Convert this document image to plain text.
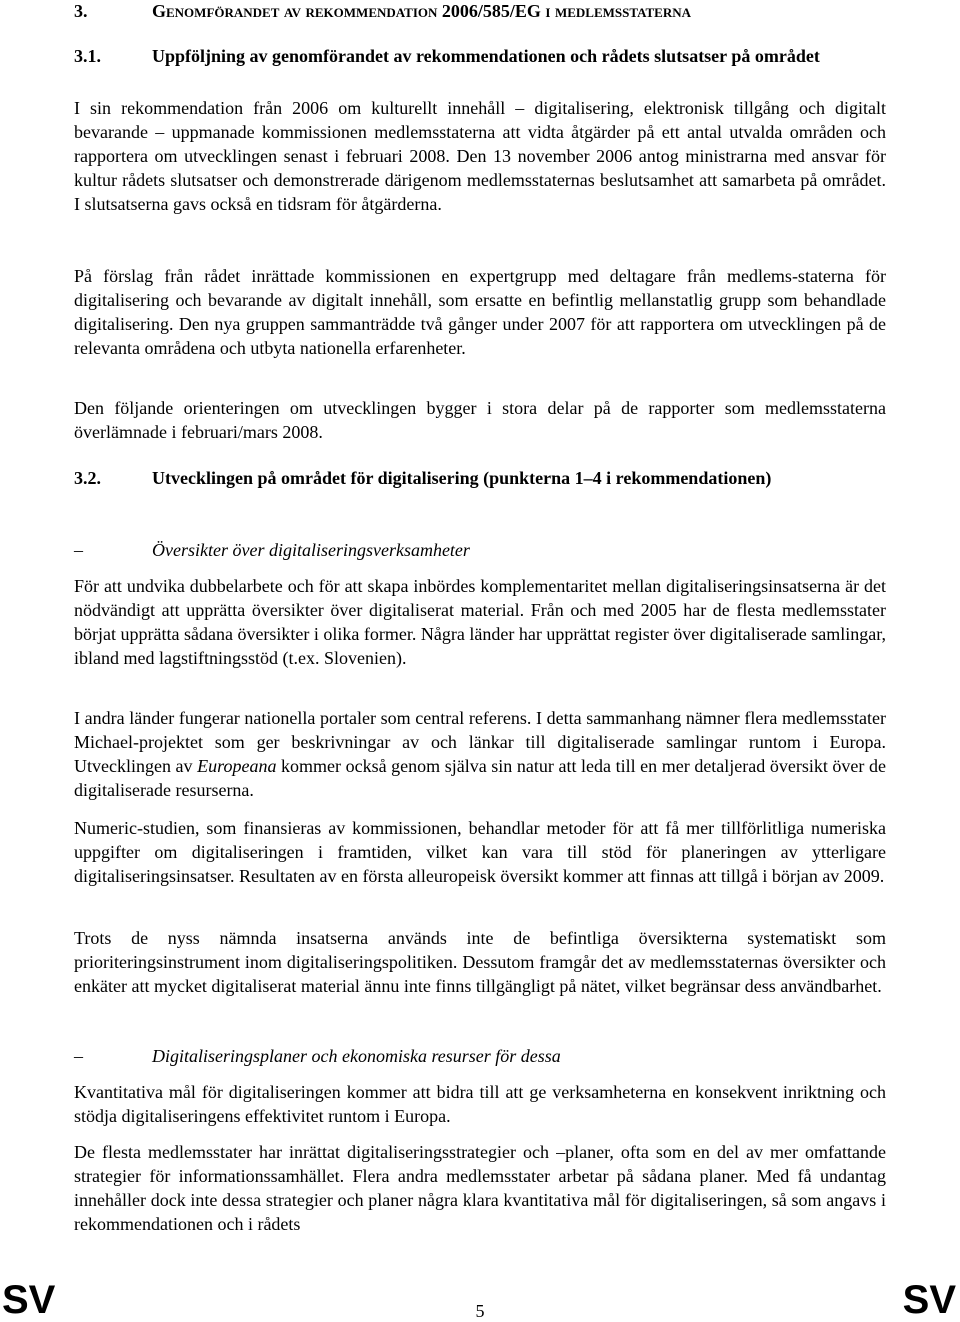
3.	Genomförandet av rekommendation 2006/585/EG i medlemsstaterna
3.1.	Uppföljning av genomförandet av rekommendationen och rådets slutsatser på området

I sin rekommendation från 2006 om kulturellt innehåll – digitalisering, elektronisk tillgång och digitalt bevarande – uppmanade kommissionen medlemsstaterna att vidta åtgärder på ett antal utvalda områden och rapportera om utvecklingen senast i februari 2008. Den 13 november 2006 antog ministrarna med ansvar för kultur rådets slutsatser och demonstrerade därigenom medlemsstaternas beslutsamhet att samarbeta på området. I slutsatserna gavs också en tidsram för åtgärderna.

På förslag från rådet inrättade kommissionen en expertgrupp med deltagare från medlems-staterna för digitalisering och bevarande av digitalt innehåll, som ersatte en befintlig mellanstatlig grupp som behandlade digitalisering. Den nya gruppen sammanträdde två gånger under 2007 för att rapportera om utvecklingen på de relevanta områdena och utbyta nationella erfarenheter.

Den följande orienteringen om utvecklingen bygger i stora delar på de rapporter som medlemsstaterna överlämnade i februari/mars 2008.

3.2.	Utvecklingen på området för digitalisering (punkterna 1–4 i rekommendationen)

–	Översikter över digitaliseringsverksamheter

För att undvika dubbelarbete och för att skapa inbördes komplementaritet mellan digitaliseringsinsatserna är det nödvändigt att upprätta översikter över digitaliserat material. Från och med 2005 har de flesta medlemsstater börjat upprätta sådana översikter i olika former. Några länder har upprättat register över digitaliserade samlingar, ibland med lagstiftningsstöd (t.ex. Slovenien).

I andra länder fungerar nationella portaler som central referens. I detta sammanhang nämner flera medlemsstater Michael-projektet som ger beskrivningar av och länkar till digitaliserade samlingar runtom i Europa. Utvecklingen av Europeana kommer också genom själva sin natur att leda till en mer detaljerad översikt över de digitaliserade resurserna.

Numeric-studien, som finansieras av kommissionen, behandlar metoder för att få mer tillförlitliga numeriska uppgifter om digitaliseringen i framtiden, vilket kan vara till stöd för planeringen av ytterligare digitaliseringsinsatser. Resultaten av en första alleuropeisk översikt kommer att finnas att tillgå i början av 2009.

Trots de nyss nämnda insatserna används inte de befintliga översikterna systematiskt som prioriteringsinstrument inom digitaliseringspolitiken. Dessutom framgår det av medlemsstaternas översikter och enkäter att mycket digitaliserat material ännu inte finns tillgängligt på nätet, vilket begränsar dess användbarhet.

–	Digitaliseringsplaner och ekonomiska resurser för dessa

Kvantitativa mål för digitaliseringen kommer att bidra till att ge verksamheterna en konsekvent inriktning och stödja digitaliseringens effektivitet runtom i Europa.

De flesta medlemsstater har inrättat digitaliseringsstrategier och –planer, ofta som en del av mer omfattande strategier för informationssamhället. Flera andra medlemsstater arbetar på sådana planer. Med få undantag innehåller dock inte dessa strategier och planer några klara kvantitativa mål för digitaliseringen, så som angavs i rekommendationen och i rådets

SV	5	SV
